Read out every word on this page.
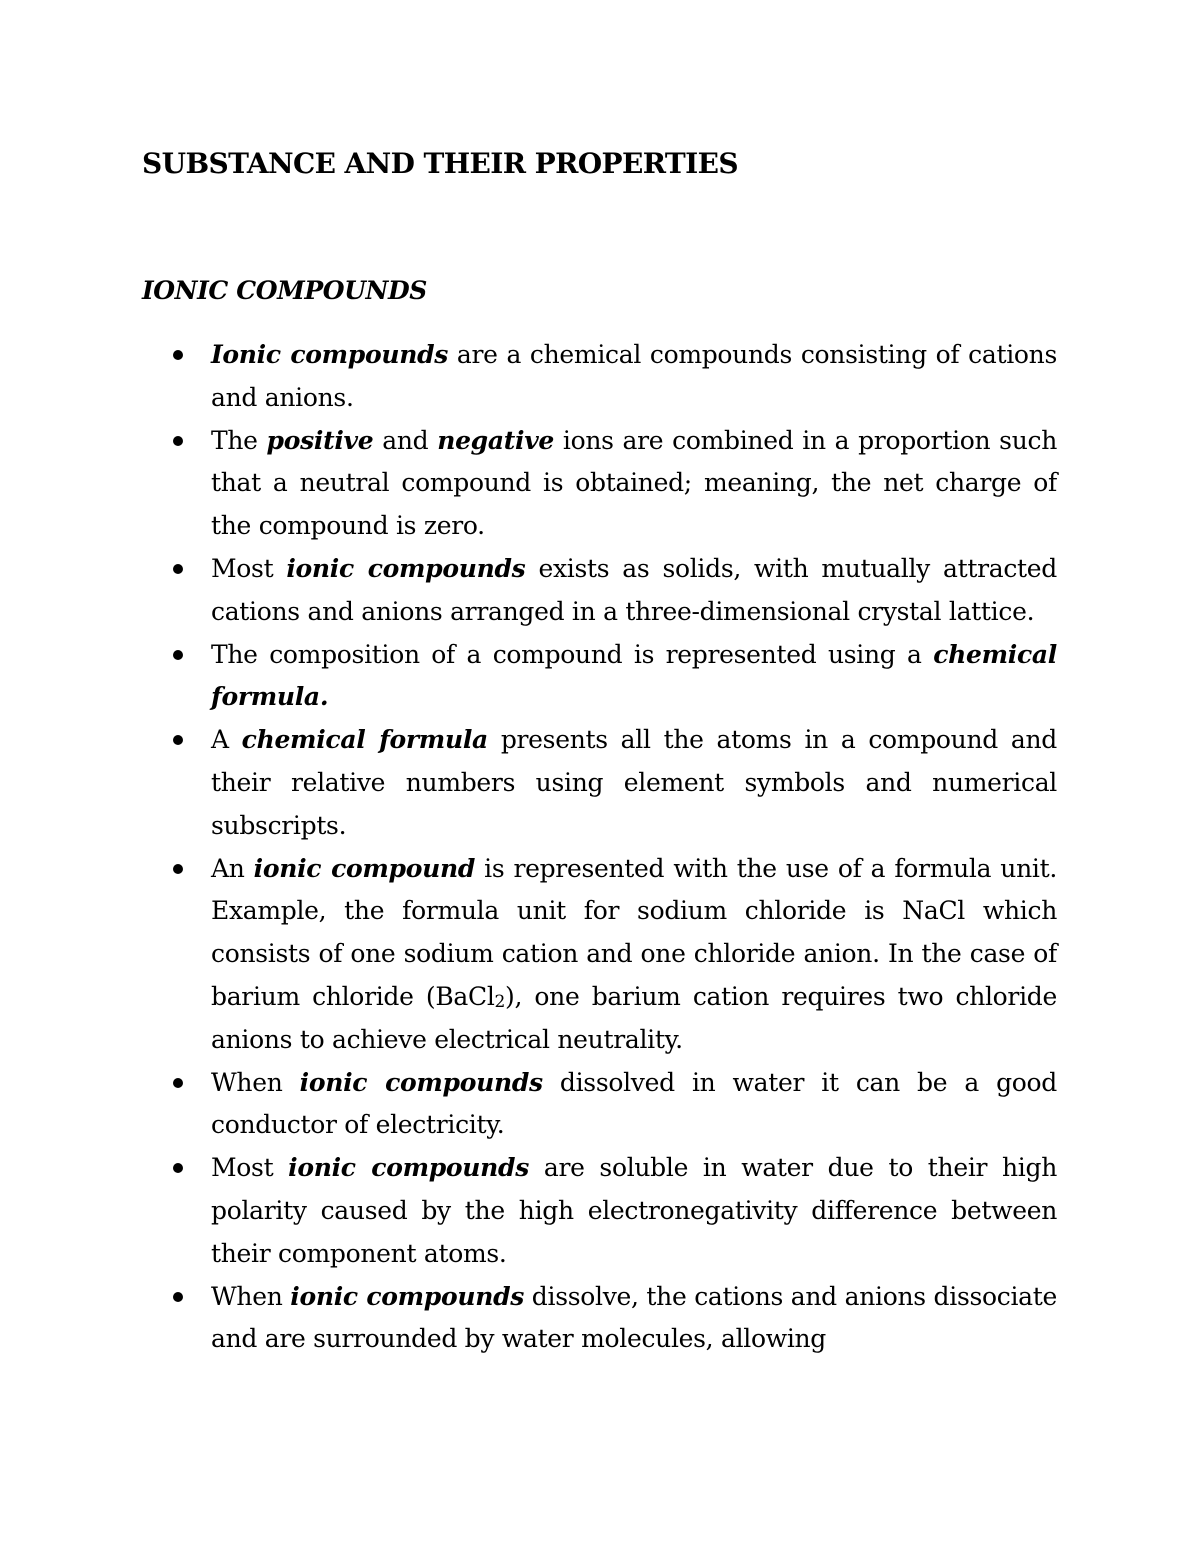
SUBSTANCE AND THEIR PROPERTIES
IONIC COMPOUNDS
Ionic compounds are a chemical compounds consisting of cations and anions.
The positive and negative ions are combined in a proportion such that a neutral compound is obtained; meaning, the net charge of the compound is zero.
Most ionic compounds exists as solids, with mutually attracted cations and anions arranged in a three-dimensional crystal lattice.
The composition of a compound is represented using a chemical formula.
A chemical formula presents all the atoms in a compound and their relative numbers using element symbols and numerical subscripts.
An ionic compound is represented with the use of a formula unit. Example, the formula unit for sodium chloride is NaCl which consists of one sodium cation and one chloride anion. In the case of barium chloride (BaCl$_2$), one barium cation requires two chloride anions to achieve electrical neutrality.
When ionic compounds dissolved in water it can be a good conductor of electricity.
Most ionic compounds are soluble in water due to their high polarity caused by the high electronegativity difference between their component atoms.
When ionic compounds dissolve, the cations and anions dissociate and are surrounded by water molecules, allowing
